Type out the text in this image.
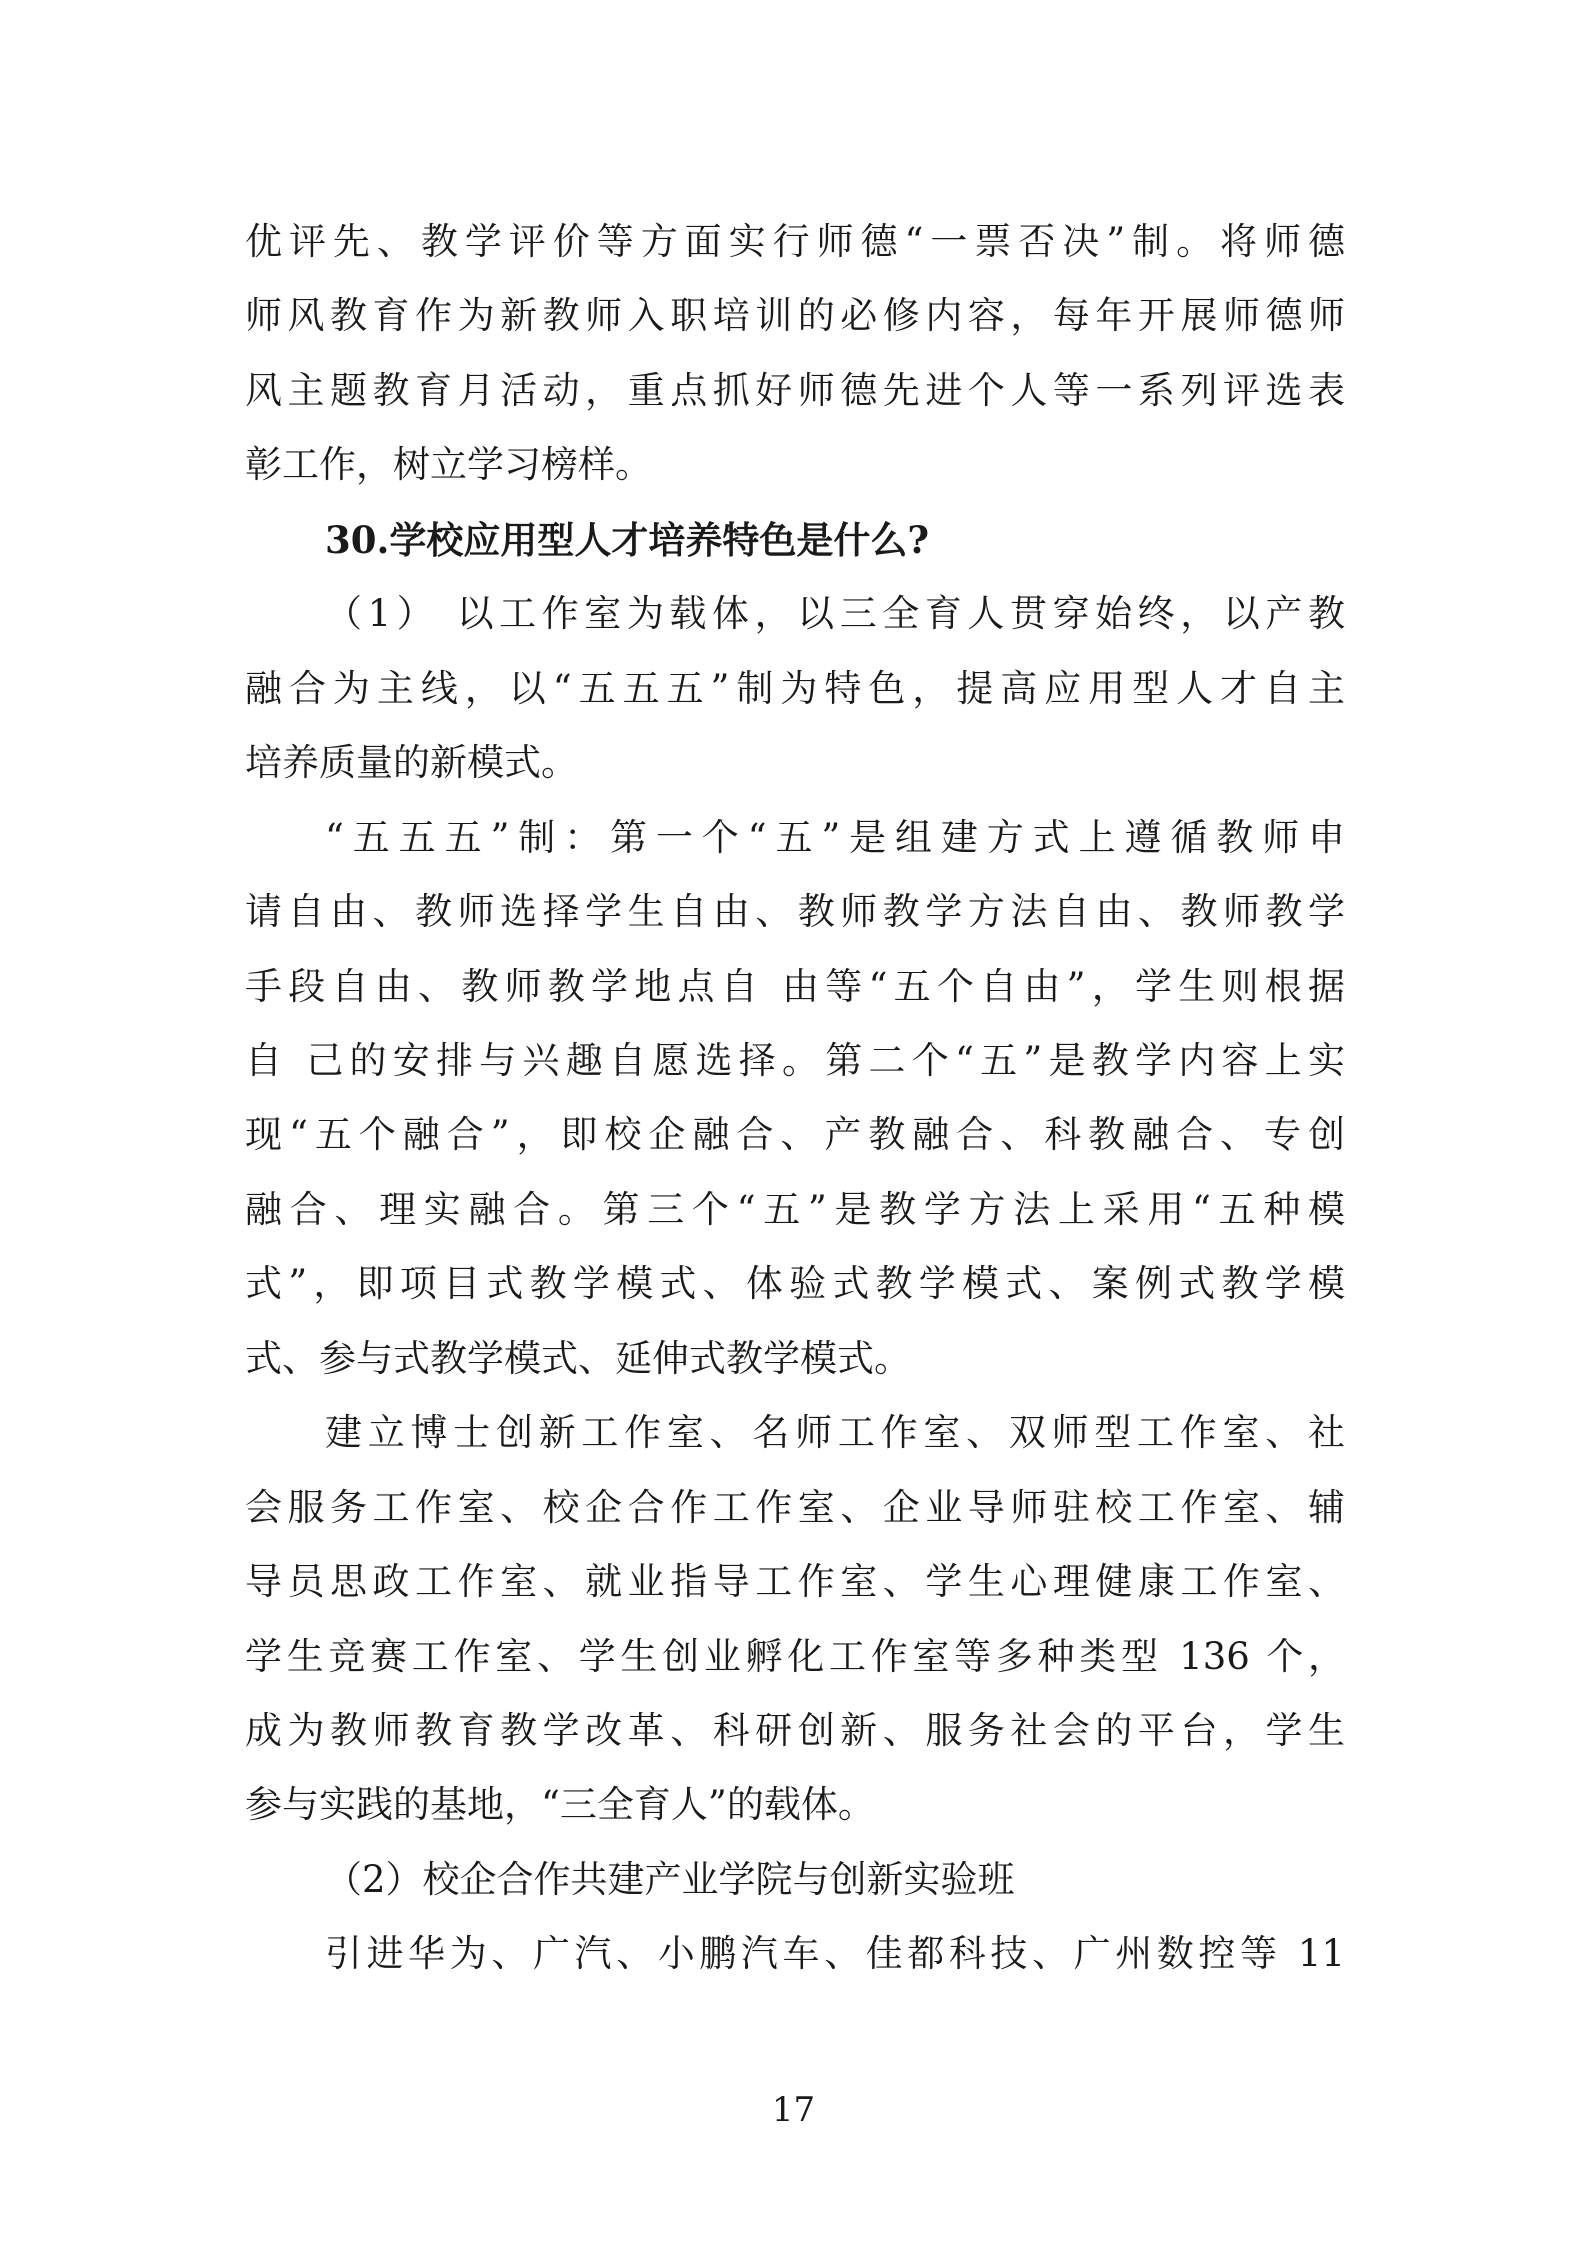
优评先、教学评价等方面实行师德“一票否决”制。将师德
师风教育作为新教师入职培训的必修内容，每年开展师德师
风主题教育月活动，重点抓好师德先进个人等一系列评选表
彰工作，树立学习榜样。
30.学校应用型人才培养特色是什么?
（1） 以工作室为载体，以三全育人贯穿始终，以产教
融合为主线，以“五五五”制为特色，提高应用型人才自主
培养质量的新模式。
“五五五”制：第一个“五”是组建方式上遵循教师申
请自由、教师选择学生自由、教师教学方法自由、教师教学
手段自由、教师教学地点自 由等“五个自由”，学生则根据
自 己的安排与兴趣自愿选择。第二个“五”是教学内容上实
现“五个融合”，即校企融合、产教融合、科教融合、专创
融合、理实融合。第三个“五”是教学方法上采用“五种模
式”，即项目式教学模式、体验式教学模式、案例式教学模
式、参与式教学模式、延伸式教学模式。
建立博士创新工作室、名师工作室、双师型工作室、社
会服务工作室、校企合作工作室、企业导师驻校工作室、辅
导员思政工作室、就业指导工作室、学生心理健康工作室、
学生竞赛工作室、学生创业孵化工作室等多种类型 136 个，
成为教师教育教学改革、科研创新、服务社会的平台，学生
参与实践的基地，“三全育人”的载体。
（2）校企合作共建产业学院与创新实验班
引进华为、广汽、小鹏汽车、佳都科技、广州数控等 11
17
